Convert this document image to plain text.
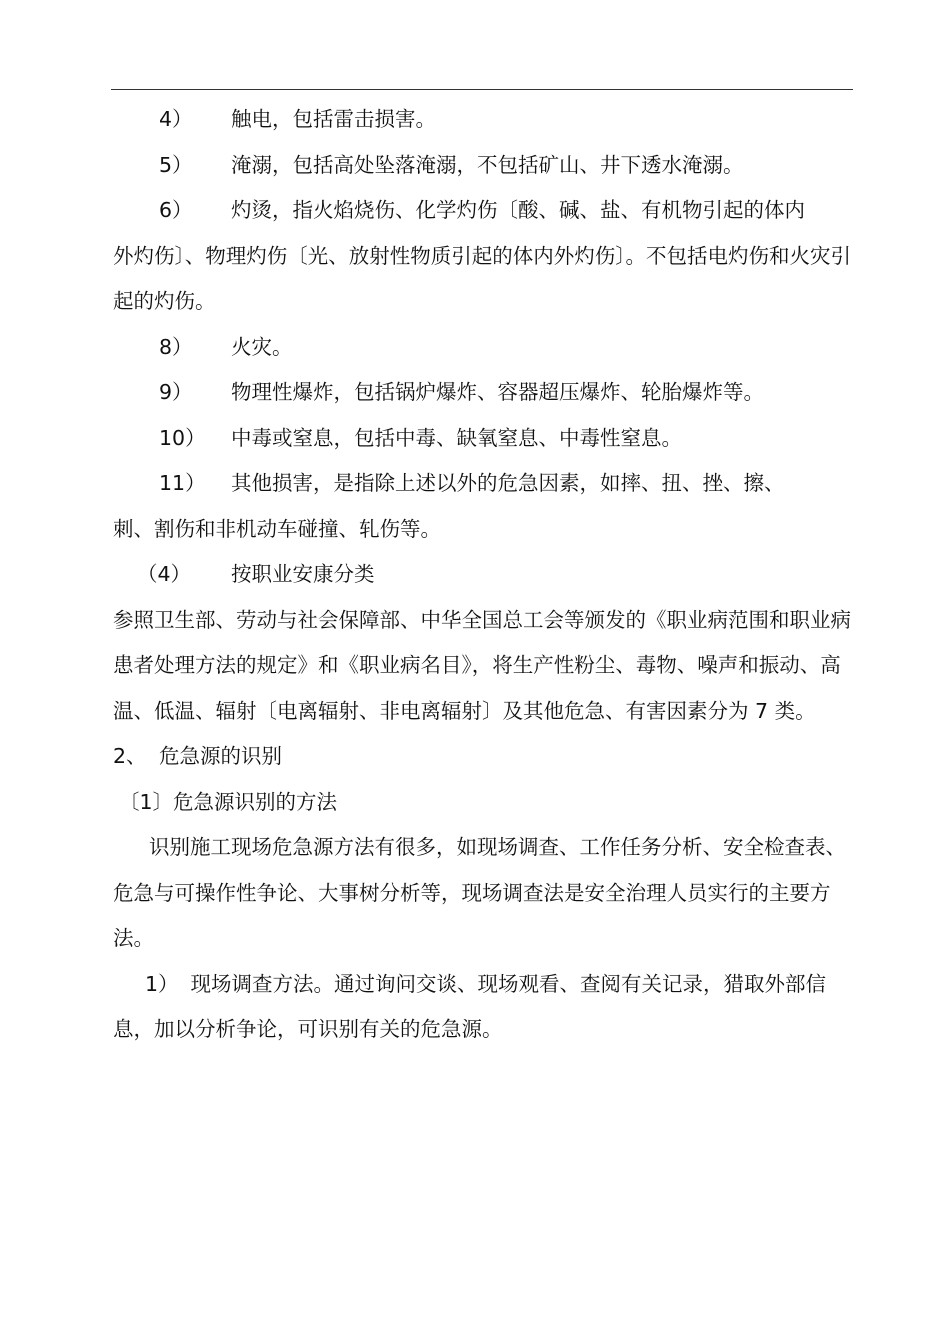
4） 触电，包括雷击损害。

5） 淹溺，包括高处坠落淹溺，不包括矿山、井下透水淹溺。

6） 灼烫，指火焰烧伤、化学灼伤〔酸、碱、盐、有机物引起的体内

外灼伤〕、物理灼伤〔光、放射性物质引起的体内外灼伤〕。不包括电灼伤和火灾引起的灼伤。

8） 火灾。

9） 物理性爆炸，包括锅炉爆炸、容器超压爆炸、轮胎爆炸等。

10） 中毒或窒息，包括中毒、缺氧窒息、中毒性窒息。

11） 其他损害，是指除上述以外的危急因素，如摔、扭、挫、擦、

刺、割伤和非机动车碰撞、轧伤等。

（4） 按职业安康分类

参照卫生部、劳动与社会保障部、中华全国总工会等颁发的《职业病范围和职业病患者处理方法的规定》和《职业病名目》，将生产性粉尘、毒物、噪声和振动、高温、低温、辐射〔电离辐射、非电离辐射〕及其他危急、有害因素分为 7 类。

2、 危急源的识别

〔1〕危急源识别的方法

识别施工现场危急源方法有很多，如现场调查、工作任务分析、安全检查表、危急与可操作性争论、大事树分析等，现场调查法是安全治理人员实行的主要方法。

1） 现场调查方法。通过询问交谈、现场观看、查阅有关记录，猎取外部信息，加以分析争论，可识别有关的危急源。
